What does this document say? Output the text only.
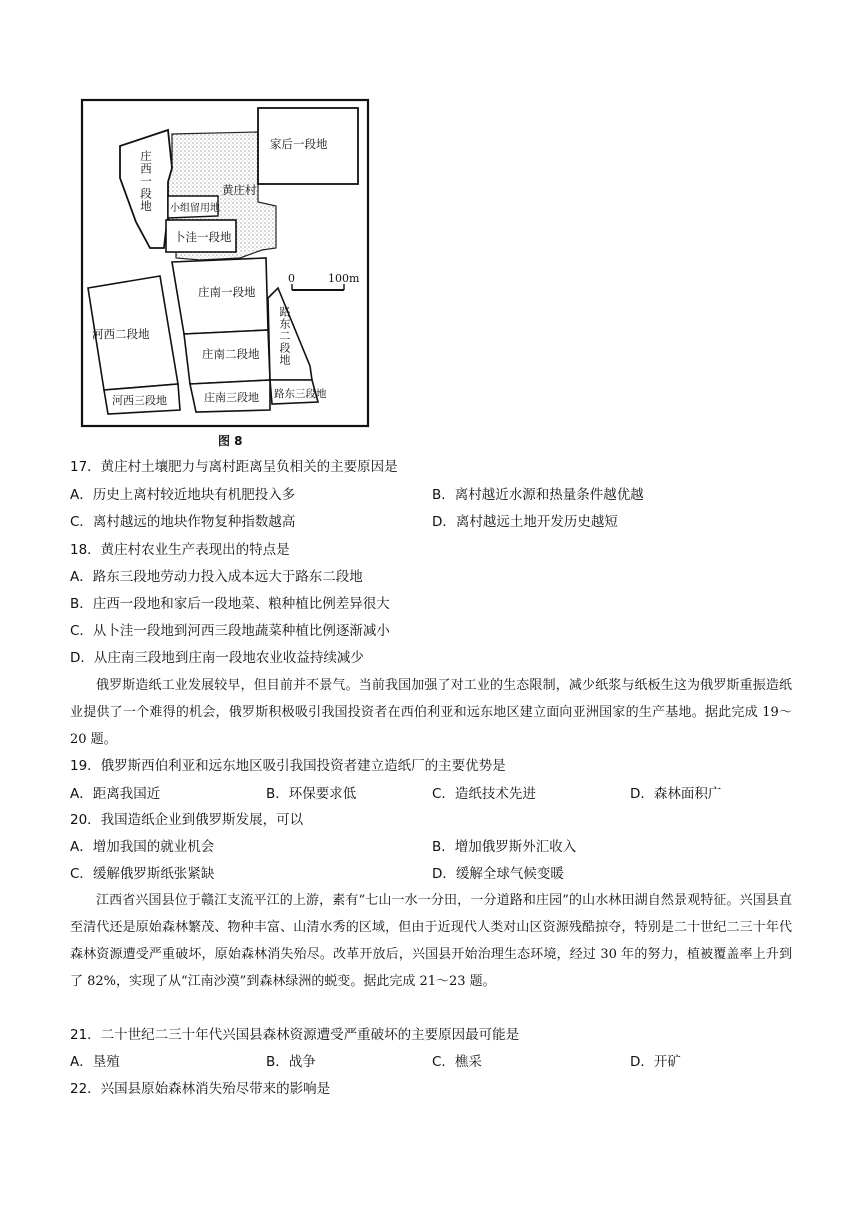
家后一段地
庄西一段地	黄庄村
小组留用地
卜洼一段地
庄南一段地
河西二段地
庄南二段地 路东二段地
河西三段地	庄南三段地 路东三段地
0	100m
图 8
17．黄庄村土壤肥力与离村距离呈负相关的主要原因是
A．历史上离村较近地块有机肥投入多	B．离村越近水源和热量条件越优越
C．离村越远的地块作物复种指数越高	D．离村越远土地开发历史越短
18．黄庄村农业生产表现出的特点是
A．路东三段地劳动力投入成本远大于路东二段地
B．庄西一段地和家后一段地菜、粮种植比例差异很大
C．从卜洼一段地到河西三段地蔬菜种植比例逐渐减小
D．从庄南三段地到庄南一段地农业收益持续减少
俄罗斯造纸工业发展较早，但目前并不景气。当前我国加强了对工业的生态限制，减少纸浆与纸板生这为俄罗斯重振造纸业提供了一个难得的机会，俄罗斯积极吸引我国投资者在西伯利亚和远东地区建立面向亚洲国家的生产基地。据此完成 19～20 题。
19．俄罗斯西伯利亚和远东地区吸引我国投资者建立造纸厂的主要优势是
A．距离我国近	B．环保要求低	C．造纸技术先进	D．森林面积广
20．我国造纸企业到俄罗斯发展，可以
A．增加我国的就业机会	B．增加俄罗斯外汇收入
C．缓解俄罗斯纸张紧缺	D．缓解全球气候变暖
江西省兴国县位于赣江支流平江的上游，素有“七山一水一分田，一分道路和庄园”的山水林田湖自然景观特征。兴国县直至清代还是原始森林繁茂、物种丰富、山清水秀的区域，但由于近现代人类对山区资源残酷掠夺，特别是二十世纪二三十年代森林资源遭受严重破坏，原始森林消失殆尽。改革开放后，兴国县开始治理生态环境，经过 30 年的努力，植被覆盖率上升到了 82%，实现了从“江南沙漠”到森林绿洲的蜕变。据此完成 21～23 题。
21．二十世纪二三十年代兴国县森林资源遭受严重破坏的主要原因最可能是
A．垦殖	B．战争	C．樵采	D．开矿
22．兴国县原始森林消失殆尽带来的影响是
